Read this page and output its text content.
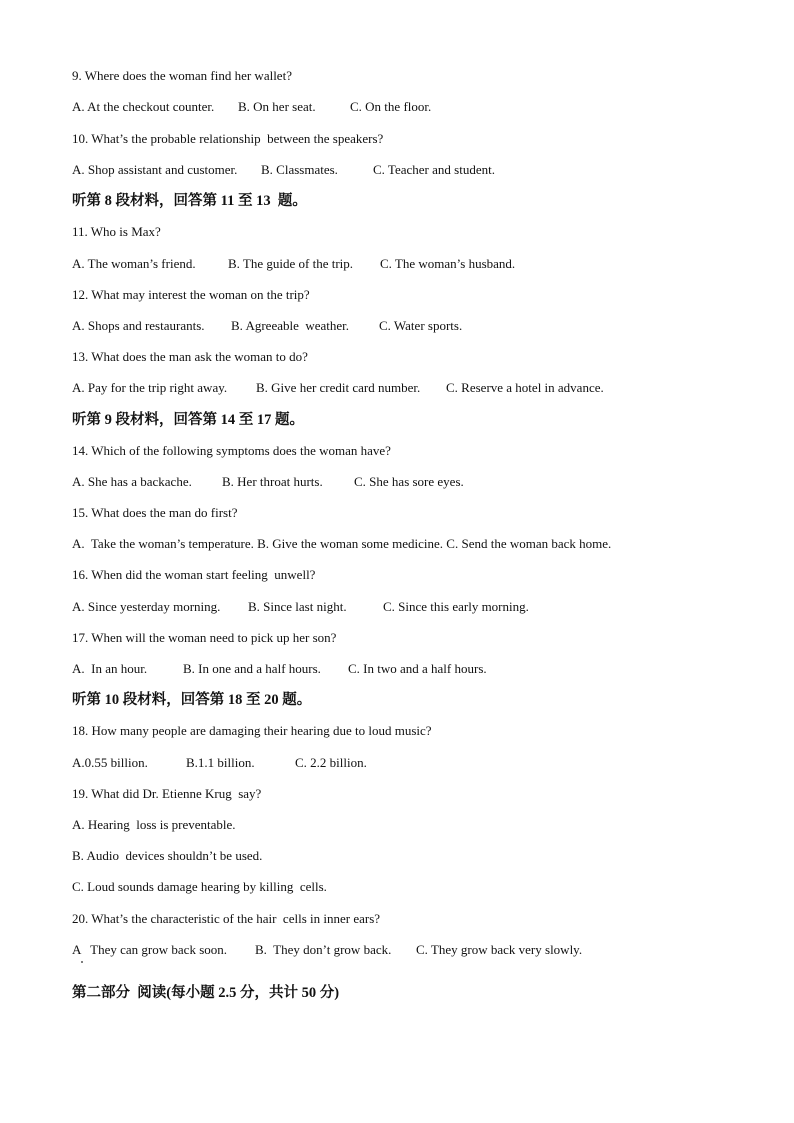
9. Where does the woman find her wallet?
A. At the checkout counter. B. On her seat.	C. On the floor.
10. What’s the probable relationship  between the speakers?
A. Shop assistant and customer. B. Classmates.	C. Teacher and student.
听第 8 段材料，回答第 11 至 13  题。
11. Who is Max?
A. The woman’s friend. B. The guide of the trip. C. The woman’s husband.
12. What may interest the woman on the trip?
A. Shops and restaurants. B. Agreeable  weather. C. Water sports.
13. What does the man ask the woman to do?
A. Pay for the trip right away. B. Give her credit card number. C. Reserve a hotel in advance.
听第 9 段材料，回答第 14 至 17 题。
14. Which of the following symptoms does the woman have?
A. She has a backache. B. Her throat hurts. C. She has sore eyes.
15. What does the man do first?
A.  Take the woman’s temperature. B. Give the woman some medicine. C. Send the woman back home.
16. When did the woman start feeling  unwell?
A. Since yesterday morning. B. Since last night.	C. Since this early morning.
17. When will the woman need to pick up her son?
A.  In an hour.	B. In one and a half hours. C. In two and a half hours.
听第 10 段材料，回答第 18 至 20 题。
18. How many people are damaging their hearing due to loud music?
A.0.55 billion.	B.1.1 billion.	C. 2.2 billion.
19. What did Dr. Etienne Krug  say?
A. Hearing  loss is preventable.
B. Audio  devices shouldn’t be used.
C. Loud sounds damage hearing by killing  cells.
20. What’s the characteristic of the hair  cells in inner ears?
A   They can grow back soon. B.  They don’t grow back. C. They grow back very slowly.
第二部分  阅读(每小题 2.5 分，共计 50 分)
